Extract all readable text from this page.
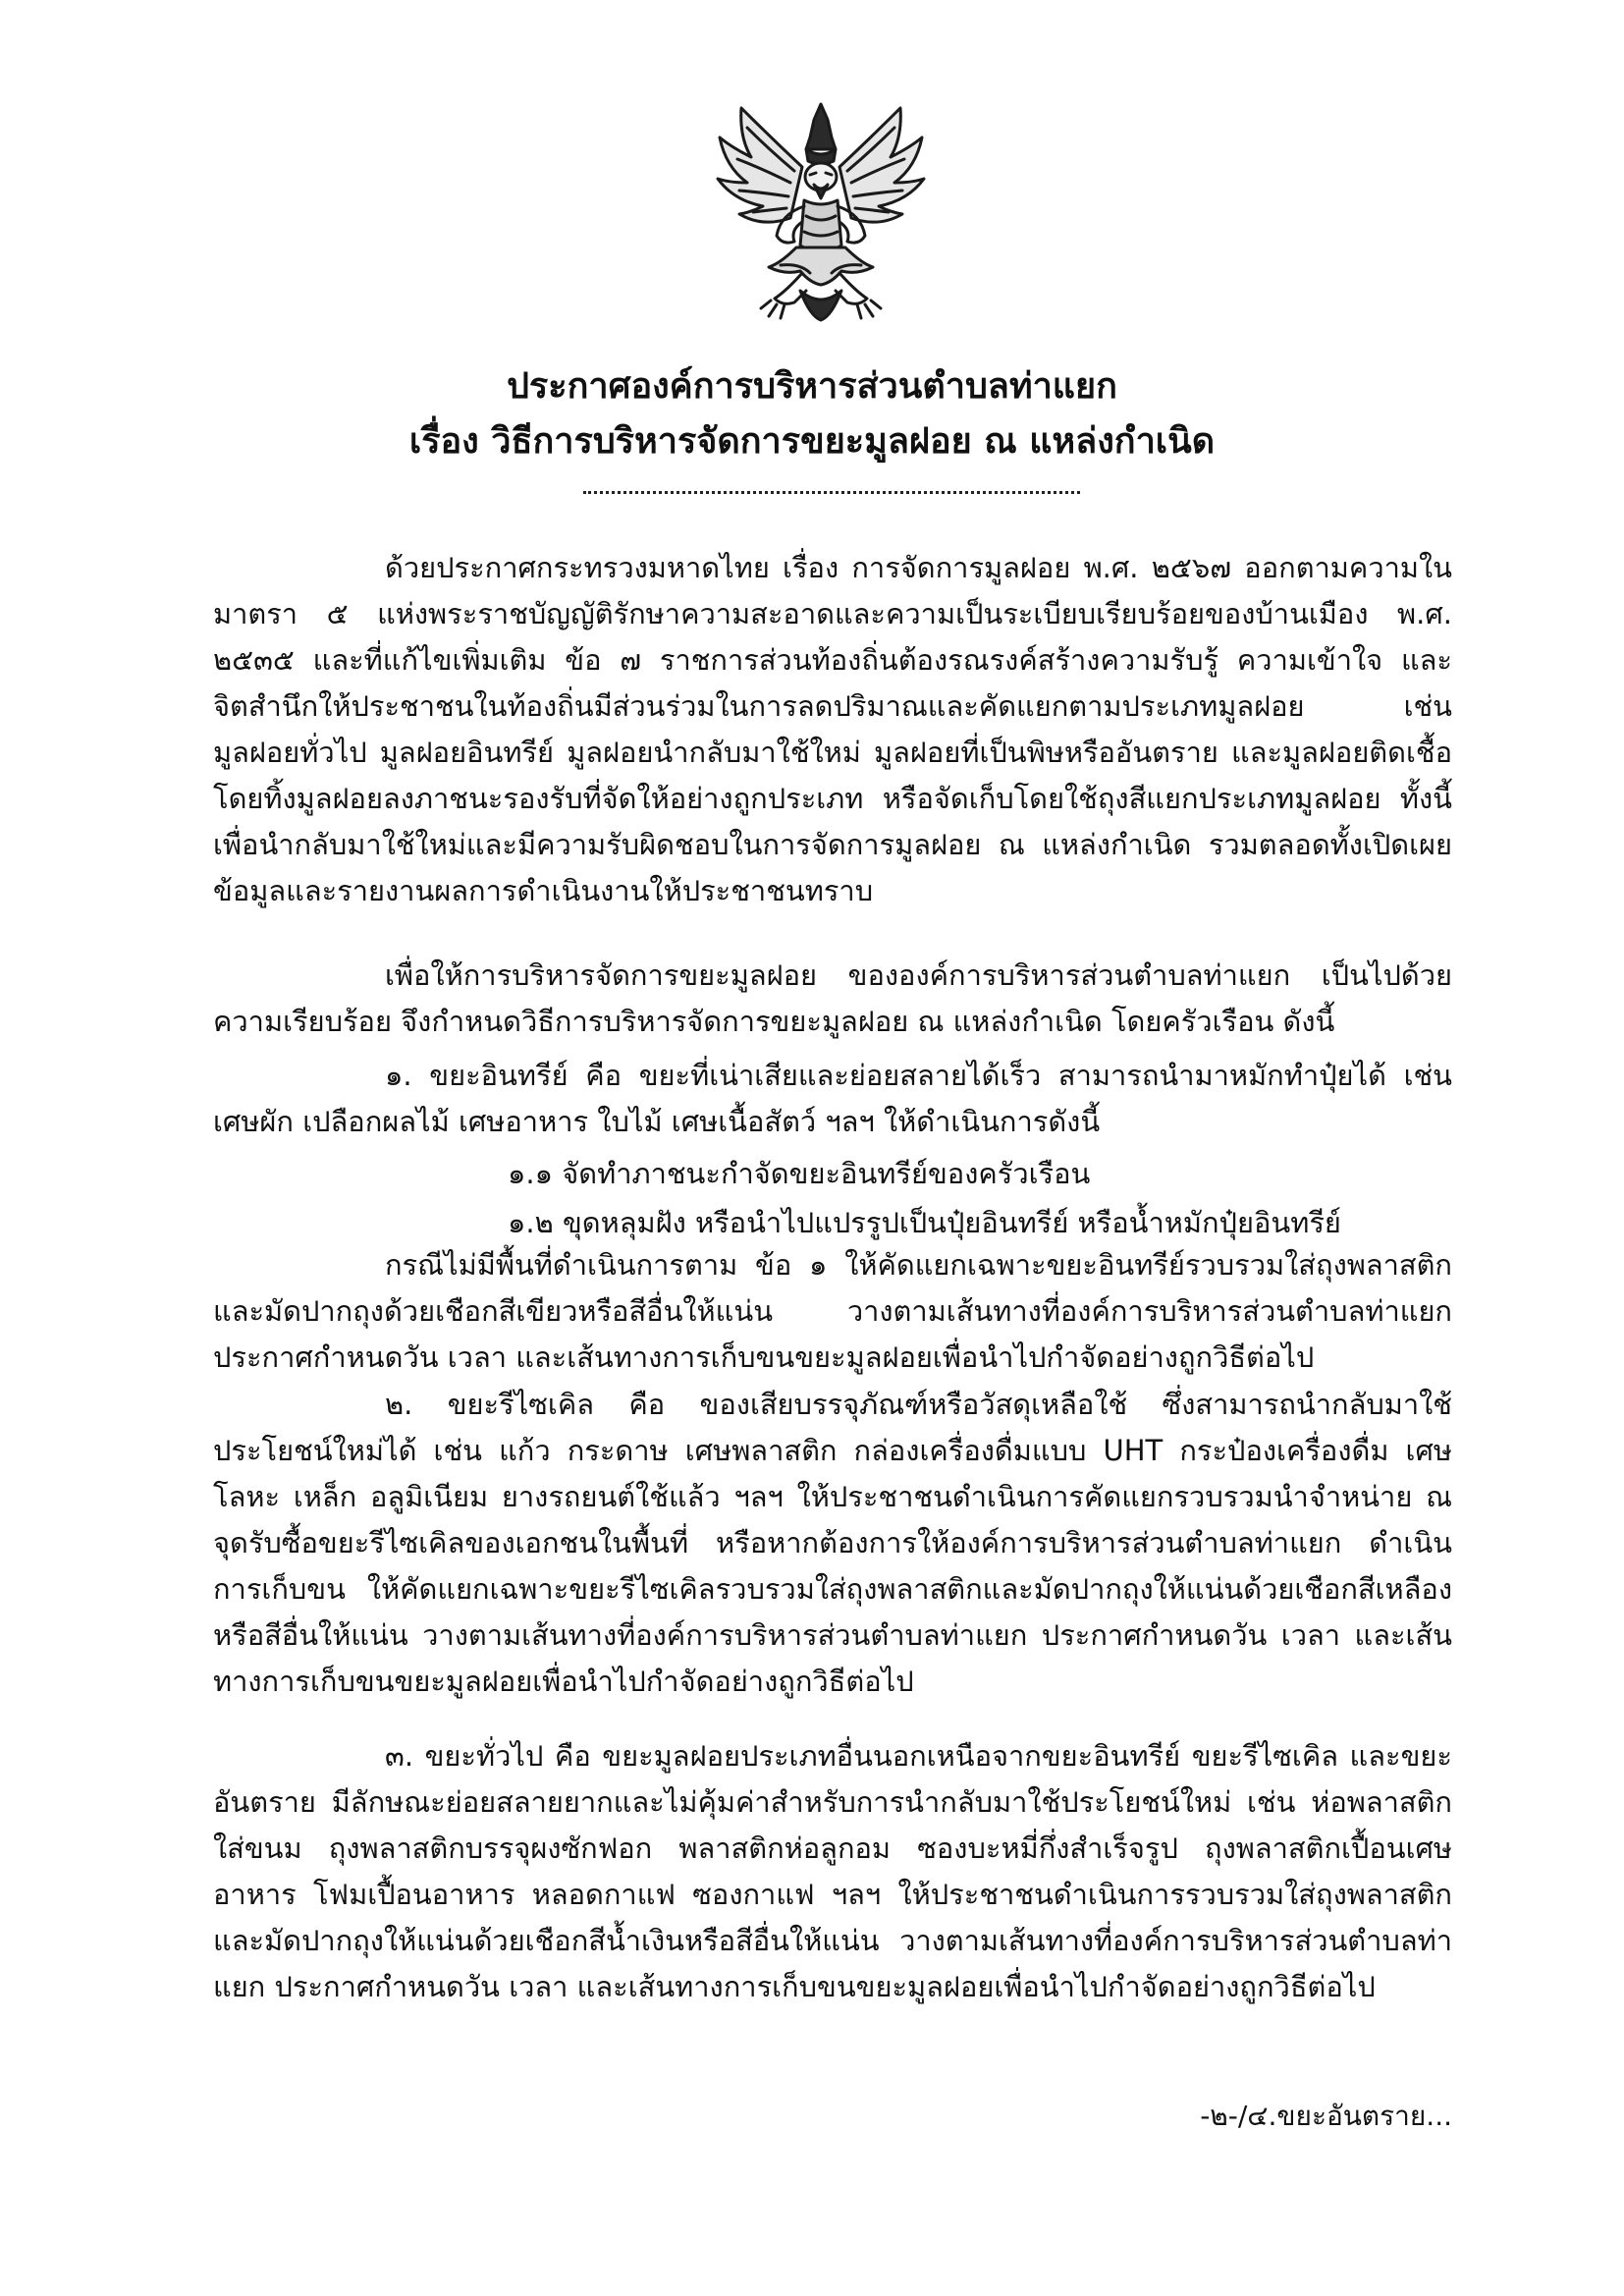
ประกาศองค์การบริหารส่วนตำบลท่าแยก
เรื่อง วิธีการบริหารจัดการขยะมูลฝอย ณ แหล่งกำเนิด

ด้วยประกาศกระทรวงมหาดไทย เรื่อง การจัดการมูลฝอย พ.ศ. ๒๕๖๗ ออกตามความในมาตรา ๕ แห่งพระราชบัญญัติรักษาความสะอาดและความเป็นระเบียบเรียบร้อยของบ้านเมือง พ.ศ. ๒๕๓๕ และที่แก้ไขเพิ่มเติม ข้อ ๗ ราชการส่วนท้องถิ่นต้องรณรงค์สร้างความรับรู้ ความเข้าใจ และจิตสำนึกให้ประชาชนในท้องถิ่นมีส่วนร่วมในการลดปริมาณและคัดแยกตามประเภทมูลฝอย เช่น มูลฝอยทั่วไป มูลฝอยอินทรีย์ มูลฝอยนำกลับมาใช้ใหม่ มูลฝอยที่เป็นพิษหรืออันตราย และมูลฝอยติดเชื้อ โดยทิ้งมูลฝอยลงภาชนะรองรับที่จัดให้อย่างถูกประเภท หรือจัดเก็บโดยใช้ถุงสีแยกประเภทมูลฝอย ทั้งนี้เพื่อนำกลับมาใช้ใหม่และมีความรับผิดชอบในการจัดการมูลฝอย ณ แหล่งกำเนิด รวมตลอดทั้งเปิดเผยข้อมูลและรายงานผลการดำเนินงานให้ประชาชนทราบ

เพื่อให้การบริหารจัดการขยะมูลฝอย ขององค์การบริหารส่วนตำบลท่าแยก เป็นไปด้วยความเรียบร้อย จึงกำหนดวิธีการบริหารจัดการขยะมูลฝอย ณ แหล่งกำเนิด โดยครัวเรือน ดังนี้

๑. ขยะอินทรีย์ คือ ขยะที่เน่าเสียและย่อยสลายได้เร็ว สามารถนำมาหมักทำปุ๋ยได้ เช่น เศษผัก เปลือกผลไม้ เศษอาหาร ใบไม้ เศษเนื้อสัตว์ ฯลฯ ให้ดำเนินการดังนี้

๑.๑ จัดทำภาชนะกำจัดขยะอินทรีย์ของครัวเรือน
๑.๒ ขุดหลุมฝัง หรือนำไปแปรรูปเป็นปุ๋ยอินทรีย์ หรือน้ำหมักปุ๋ยอินทรีย์

กรณีไม่มีพื้นที่ดำเนินการตาม ข้อ ๑ ให้คัดแยกเฉพาะขยะอินทรีย์รวบรวมใส่ถุงพลาสติกและมัดปากถุงด้วยเชือกสีเขียวหรือสีอื่นให้แน่น วางตามเส้นทางที่องค์การบริหารส่วนตำบลท่าแยก ประกาศกำหนดวัน เวลา และเส้นทางการเก็บขนขยะมูลฝอยเพื่อนำไปกำจัดอย่างถูกวิธีต่อไป

๒. ขยะรีไซเคิล คือ ของเสียบรรจุภัณฑ์หรือวัสดุเหลือใช้ ซึ่งสามารถนำกลับมาใช้ประโยชน์ใหม่ได้ เช่น แก้ว กระดาษ เศษพลาสติก กล่องเครื่องดื่มแบบ UHT กระป๋องเครื่องดื่ม เศษโลหะ เหล็ก อลูมิเนียม ยางรถยนต์ใช้แล้ว ฯลฯ ให้ประชาชนดำเนินการคัดแยกรวบรวมนำจำหน่าย ณ จุดรับซื้อขยะรีไซเคิลของเอกชนในพื้นที่ หรือหากต้องการให้องค์การบริหารส่วนตำบลท่าแยก ดำเนินการเก็บขน ให้คัดแยกเฉพาะขยะรีไซเคิลรวบรวมใส่ถุงพลาสติกและมัดปากถุงให้แน่นด้วยเชือกสีเหลืองหรือสีอื่นให้แน่น วางตามเส้นทางที่องค์การบริหารส่วนตำบลท่าแยก ประกาศกำหนดวัน เวลา และเส้นทางการเก็บขนขยะมูลฝอยเพื่อนำไปกำจัดอย่างถูกวิธีต่อไป

๓. ขยะทั่วไป คือ ขยะมูลฝอยประเภทอื่นนอกเหนือจากขยะอินทรีย์ ขยะรีไซเคิล และขยะอันตราย มีลักษณะย่อยสลายยากและไม่คุ้มค่าสำหรับการนำกลับมาใช้ประโยชน์ใหม่ เช่น ห่อพลาสติกใส่ขนม ถุงพลาสติกบรรจุผงซักฟอก พลาสติกห่อลูกอม ซองบะหมี่กึ่งสำเร็จรูป ถุงพลาสติกเปื้อนเศษอาหาร โฟมเปื้อนอาหาร หลอดกาแฟ ซองกาแฟ ฯลฯ ให้ประชาชนดำเนินการรวบรวมใส่ถุงพลาสติกและมัดปากถุงให้แน่นด้วยเชือกสีน้ำเงินหรือสีอื่นให้แน่น วางตามเส้นทางที่องค์การบริหารส่วนตำบลท่าแยก ประกาศกำหนดวัน เวลา และเส้นทางการเก็บขนขยะมูลฝอยเพื่อนำไปกำจัดอย่างถูกวิธีต่อไป

-๒-/๔.ขยะอันตราย...
